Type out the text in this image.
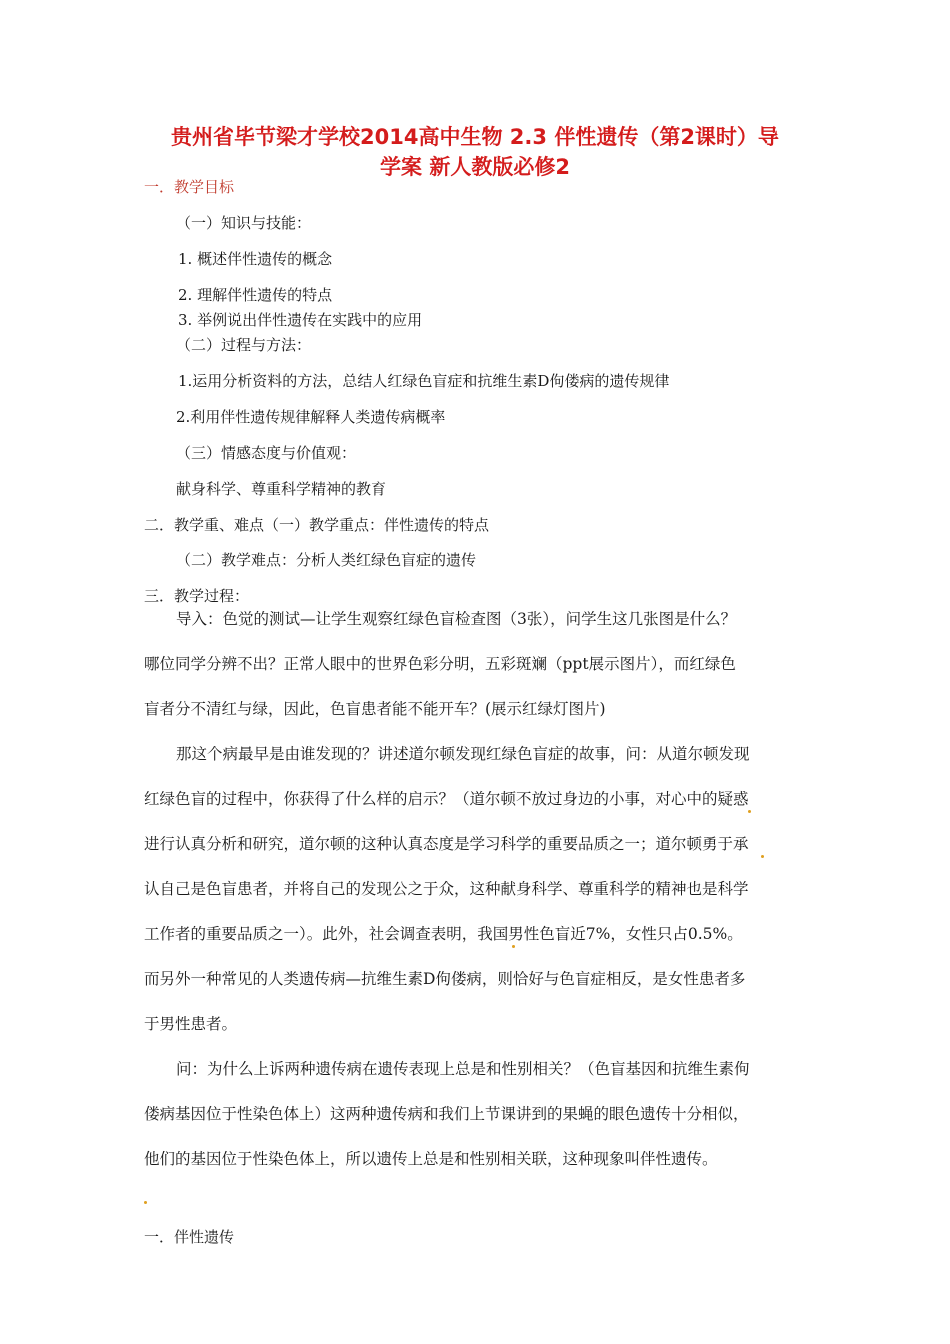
贵州省毕节梁才学校2014高中生物 2.3 伴性遗传（第2课时）导
学案 新人教版必修2
一．教学目标
（一）知识与技能：
1. 概述伴性遗传的概念
2. 理解伴性遗传的特点
3. 举例说出伴性遗传在实践中的应用
（二）过程与方法：
1.运用分析资料的方法，总结人红绿色盲症和抗维生素D佝偻病的遗传规律
2.利用伴性遗传规律解释人类遗传病概率
（三）情感态度与价值观：
献身科学、尊重科学精神的教育
二．教学重、难点（一）教学重点：伴性遗传的特点
（二）教学难点：分析人类红绿色盲症的遗传
三．教学过程：
导入：色觉的测试—让学生观察红绿色盲检查图（3张），问学生这几张图是什么？
哪位同学分辨不出？正常人眼中的世界色彩分明，五彩斑斓（ppt展示图片），而红绿色
盲者分不清红与绿，因此，色盲患者能不能开车？(展示红绿灯图片)
那这个病最早是由谁发现的？讲述道尔顿发现红绿色盲症的故事，问：从道尔顿发现
红绿色盲的过程中，你获得了什么样的启示？（道尔顿不放过身边的小事，对心中的疑惑
进行认真分析和研究，道尔顿的这种认真态度是学习科学的重要品质之一；道尔顿勇于承
认自己是色盲患者，并将自己的发现公之于众，这种献身科学、尊重科学的精神也是科学
工作者的重要品质之一）。此外，社会调查表明，我国男性色盲近7%，女性只占0.5%。
而另外一种常见的人类遗传病—抗维生素D佝偻病，则恰好与色盲症相反，是女性患者多
于男性患者。
问：为什么上诉两种遗传病在遗传表现上总是和性别相关？（色盲基因和抗维生素佝
偻病基因位于性染色体上）这两种遗传病和我们上节课讲到的果蝇的眼色遗传十分相似，
他们的基因位于性染色体上，所以遗传上总是和性别相关联，这种现象叫伴性遗传。
一．伴性遗传
